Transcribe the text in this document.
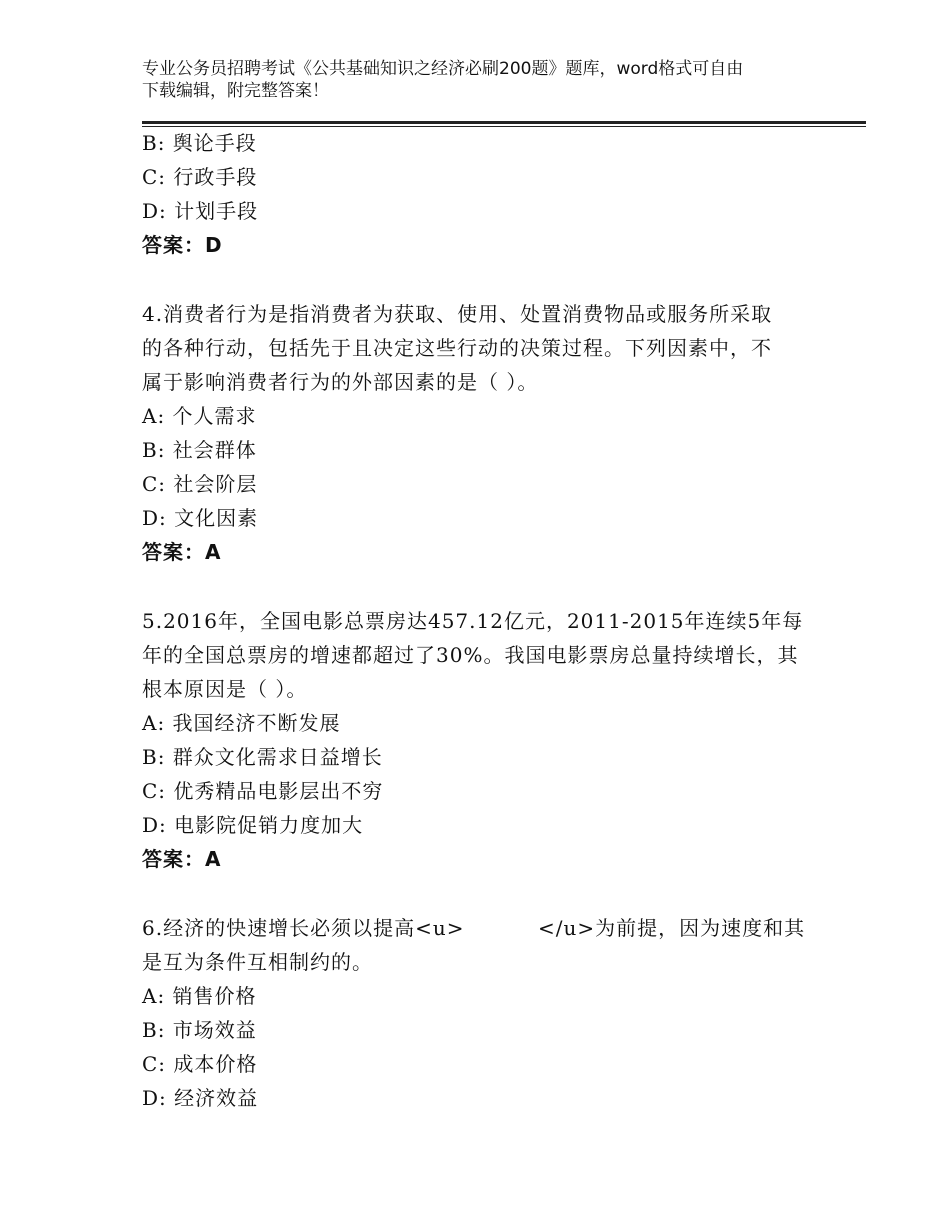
专业公务员招聘考试《公共基础知识之经济必刷200题》题库，word格式可自由
下载编辑，附完整答案！
B: 舆论手段
C: 行政手段
D: 计划手段
答案：D
4.消费者行为是指消费者为获取、使用、处置消费物品或服务所采取
的各种行动，包括先于且决定这些行动的决策过程。下列因素中，不
属于影响消费者行为的外部因素的是（ ）。
A: 个人需求
B: 社会群体
C: 社会阶层
D: 文化因素
答案：A
5.2016年，全国电影总票房达457.12亿元，2011-2015年连续5年每
年的全国总票房的增速都超过了30%。我国电影票房总量持续增长，其
根本原因是（ ）。
A: 我国经济不断发展
B: 群众文化需求日益增长
C: 优秀精品电影层出不穷
D: 电影院促销力度加大
答案：A
6.经济的快速增长必须以提高<u>          </u>为前提，因为速度和其
是互为条件互相制约的。
A: 销售价格
B: 市场效益
C: 成本价格
D: 经济效益
